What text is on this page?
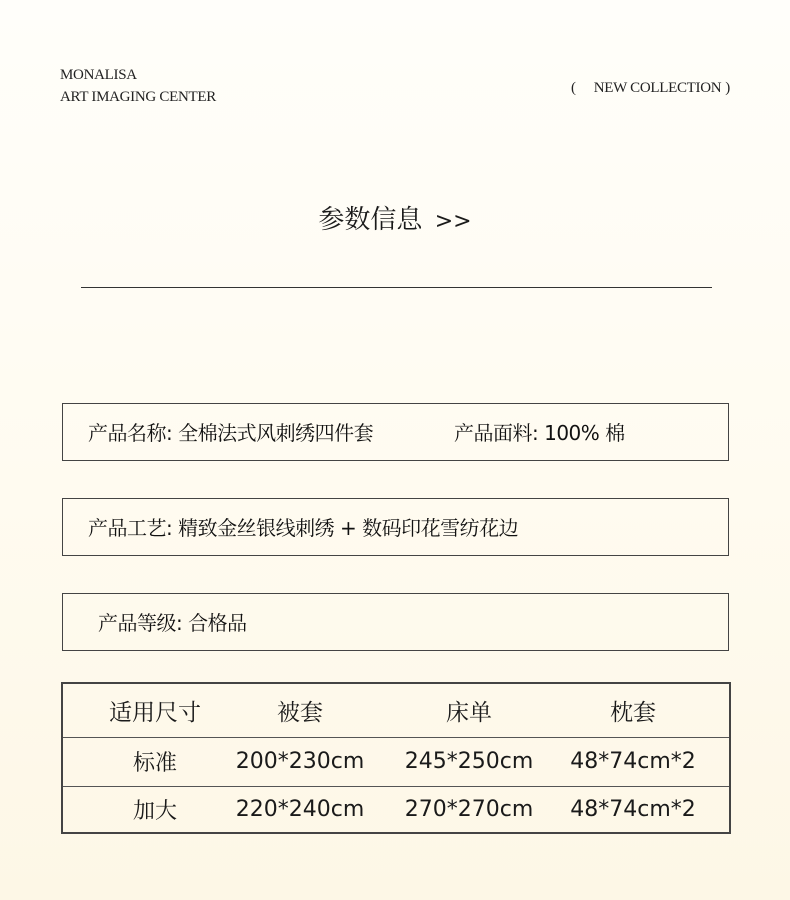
MONALISA
ART IMAGING CENTER
( NEW COLLECTION )
参数信息 >>
产品名称: 全棉法式风刺绣四件套	产品面料: 100% 棉
产品工艺: 精致金丝银线刺绣 + 数码印花雪纺花边
产品等级: 合格品
适用尺寸	被套	床单	枕套
标准	200*230cm 245*250cm 48*74cm*2
加大	220*240cm 270*270cm 48*74cm*2
